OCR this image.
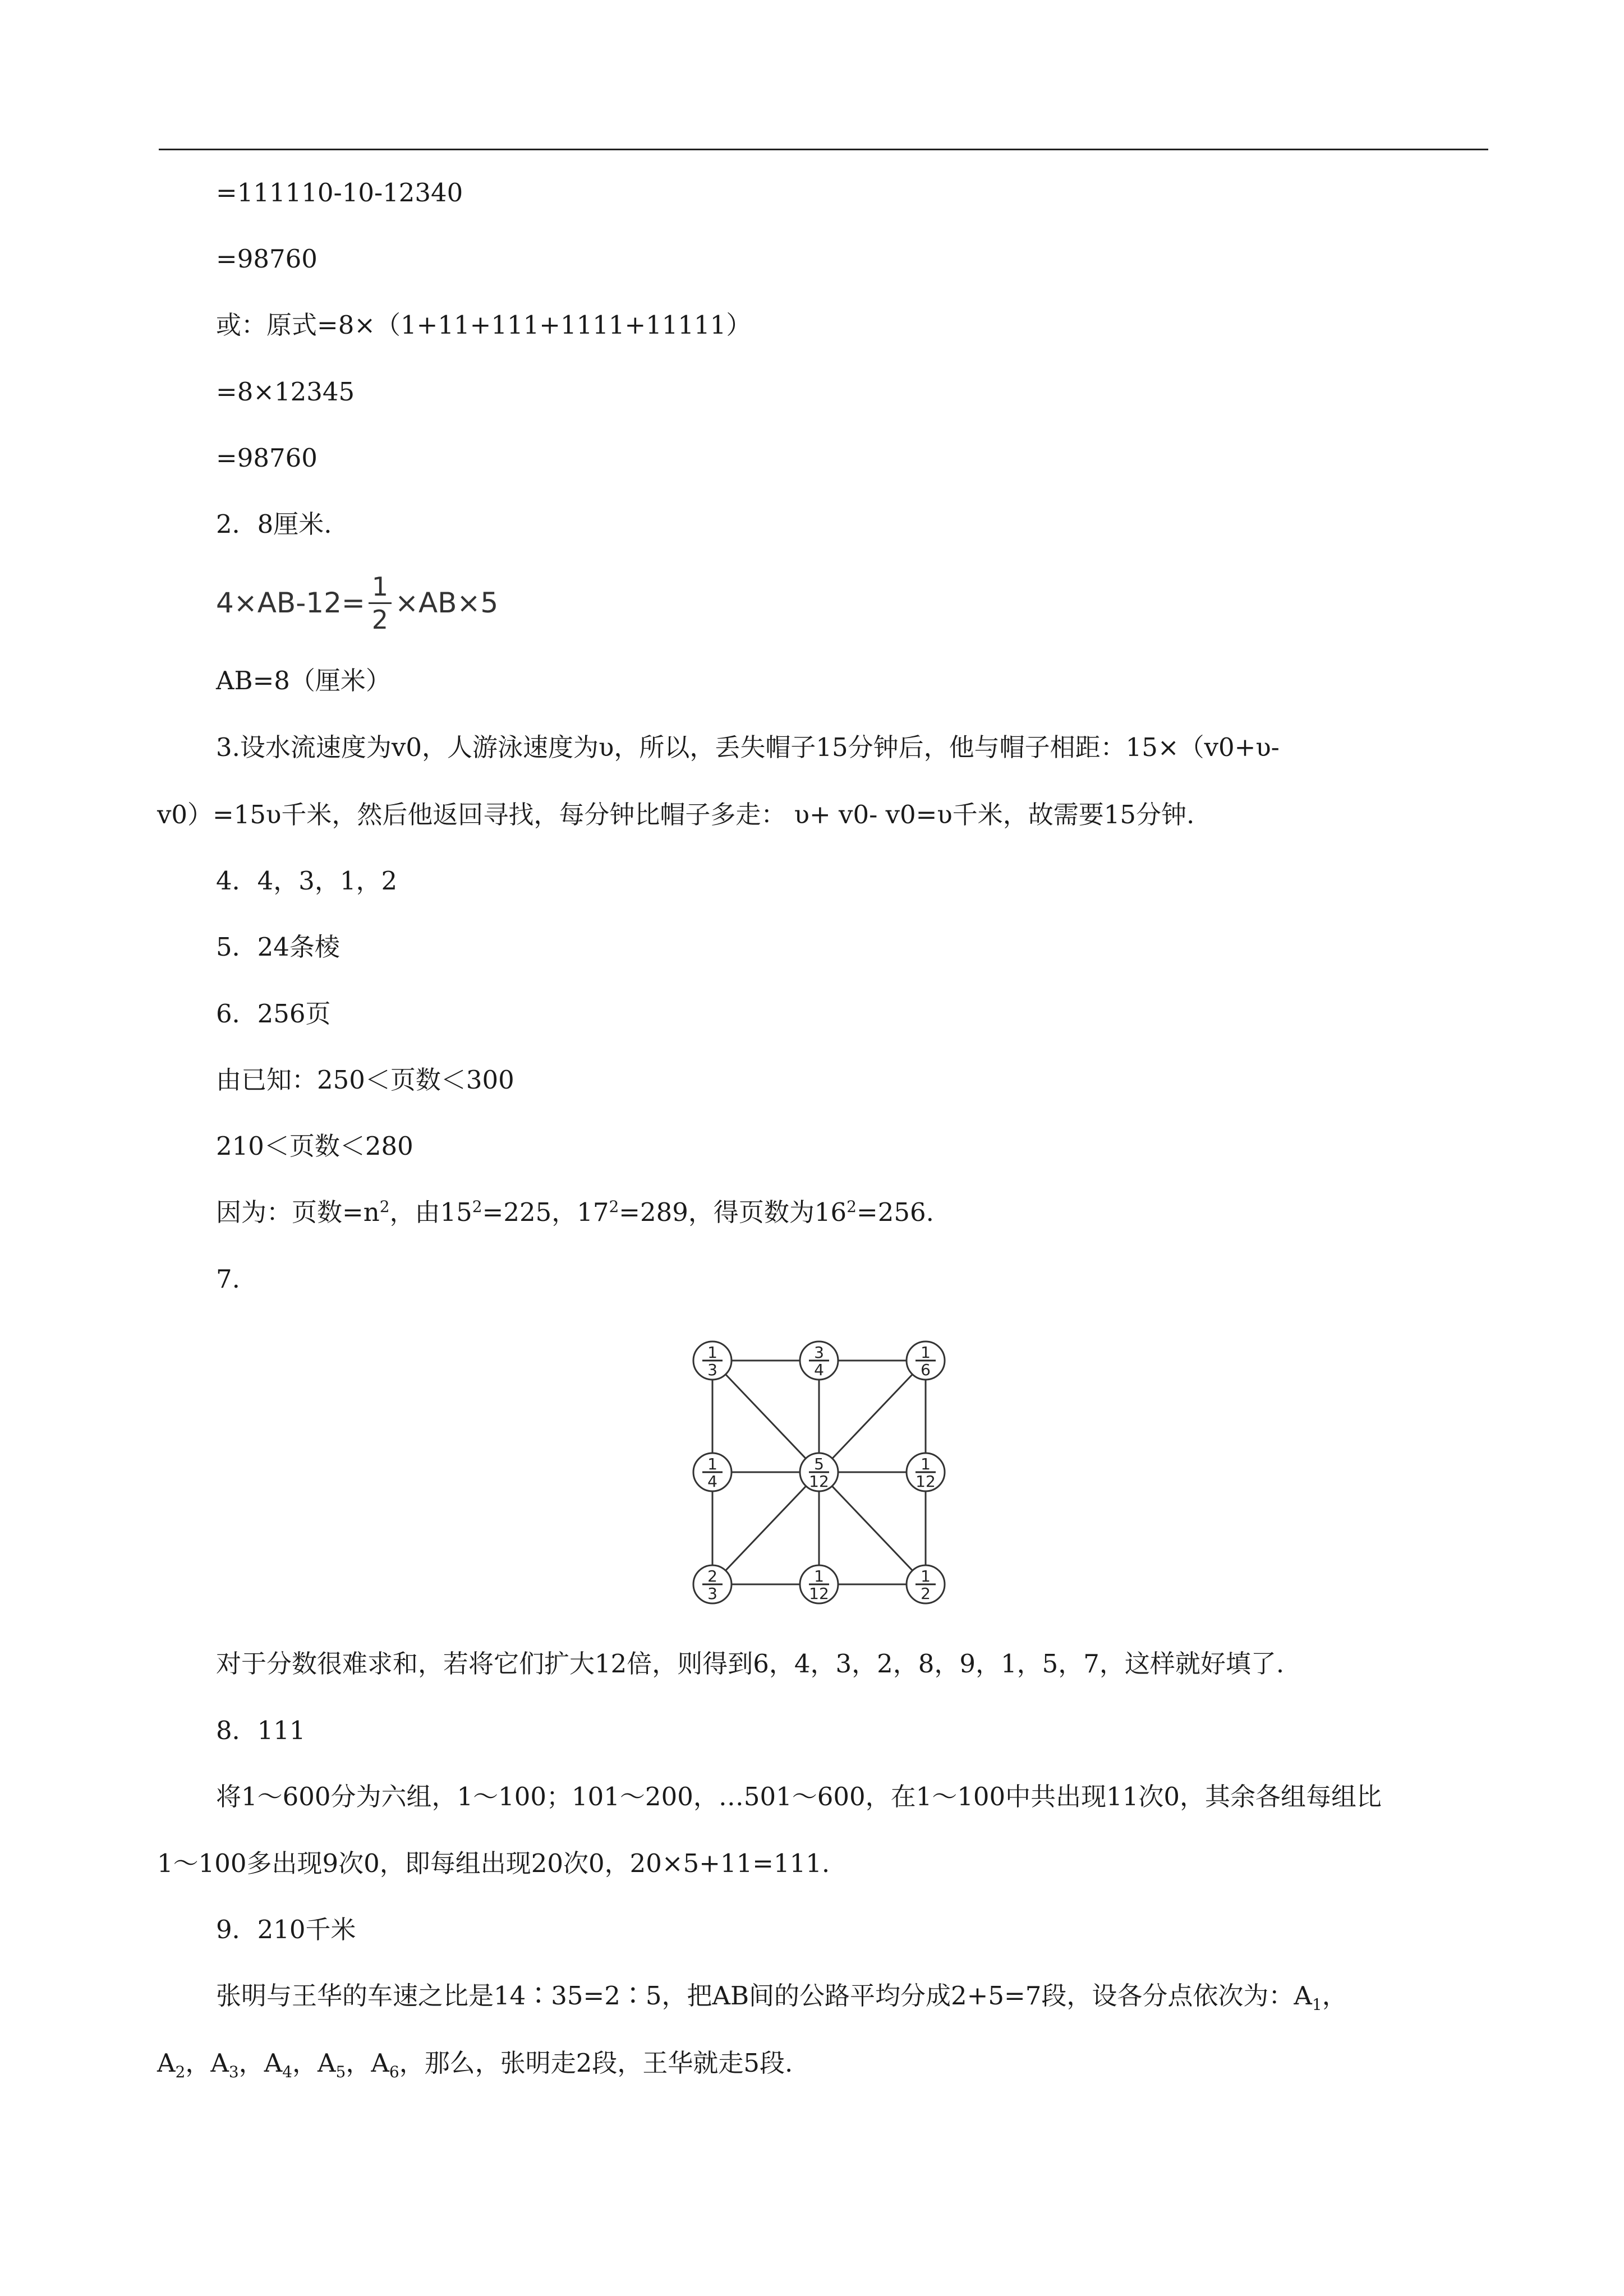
=111110-10-12340
=98760
或：原式=8×（1+11+111+1111+11111）
=8×12345
=98760
2．8厘米.
$4\times AB-12= \frac{1}{2} \times AB\times 5$
AB=8（厘米）
3.设水流速度为v0，人游泳速度为υ，所以，丢失帽子15分钟后，他与帽子相距：15×（v0+υ-
v0）=15υ千米，然后他返回寻找，每分钟比帽子多走： υ+ v0- v0=υ千米，故需要15分钟.
4．4，3，1，2
5．24条棱
6．256页
由已知：250＜页数＜300
210＜页数＜280
因为：页数$=n^2$，由$15^2=225$，$17^2=289$，得页数为$16^2=256$.
7.
1
3
3
4
1
6
1
4
5
12
1
12
2
3
1
12
1
2
对于分数很难求和，若将它们扩大12倍，则得到6，4，3，2，8，9，1，5，7，这样就好填了.
8．111
将1～600分为六组，1～100；101～200，…501～600，在1～100中共出现11次0，其余各组每组比
1～100多出现9次0，即每组出现20次0，20×5+11=111.
9．210千米
张明与王华的车速之比是14∶35=2∶5，把AB间的公路平均分成2+5=7段，设各分点依次为：$A_1$，
$A_2$，$A_3$，$A_4$，$A_5$，$A_6$，那么，张明走2段，王华就走5段.
